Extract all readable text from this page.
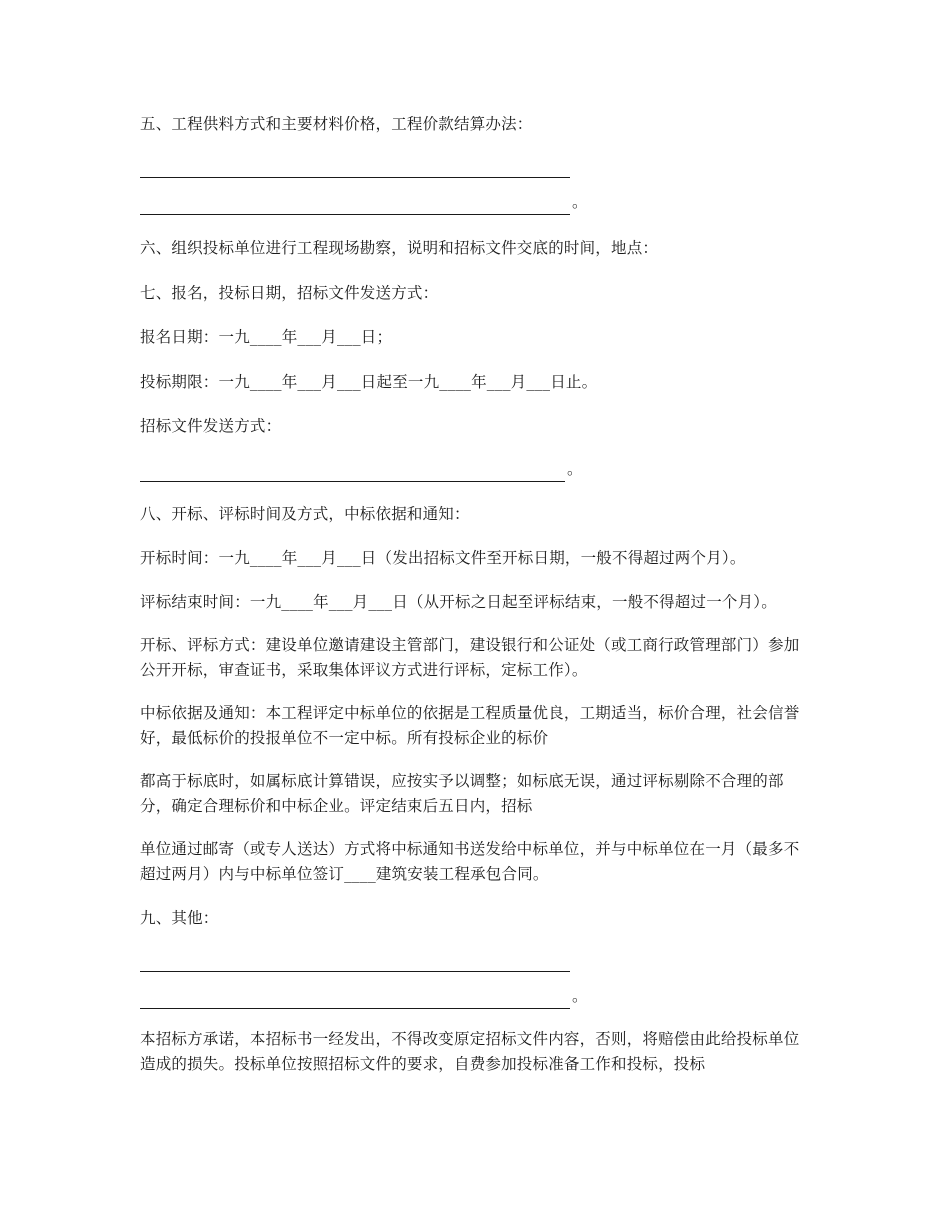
五、工程供料方式和主要材料价格，工程价款结算办法：

。

六、组织投标单位进行工程现场勘察，说明和招标文件交底的时间，地点：

七、报名，投标日期，招标文件发送方式：

报名日期：一九____年___月___日；

投标期限：一九____年___月___日起至一九____年___月___日止。

招标文件发送方式：

。

八、开标、评标时间及方式，中标依据和通知：

开标时间：一九____年___月___日（发出招标文件至开标日期，一般不得超过两个月）。

评标结束时间：一九____年___月___日（从开标之日起至评标结束，一般不得超过一个月）。

开标、评标方式：建设单位邀请建设主管部门，建设银行和公证处（或工商行政管理部门）参加公开开标，审查证书，采取集体评议方式进行评标，定标工作）。

中标依据及通知：本工程评定中标单位的依据是工程质量优良，工期适当，标价合理，社会信誉好，最低标价的投报单位不一定中标。所有投标企业的标价

都高于标底时，如属标底计算错误，应按实予以调整；如标底无误，通过评标剔除不合理的部分，确定合理标价和中标企业。评定结束后五日内，招标

单位通过邮寄（或专人送达）方式将中标通知书送发给中标单位，并与中标单位在一月（最多不超过两月）内与中标单位签订____建筑安装工程承包合同。

九、其他：

。

本招标方承诺，本招标书一经发出，不得改变原定招标文件内容，否则，将赔偿由此给投标单位造成的损失。投标单位按照招标文件的要求，自费参加投标准备工作和投标，投标
